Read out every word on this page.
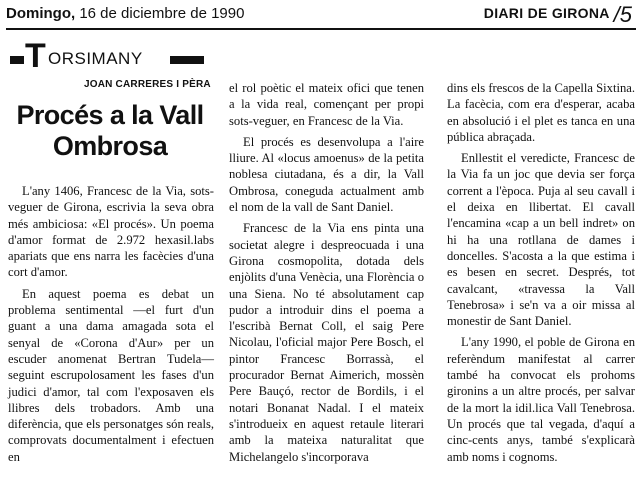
Domingo, 16 de diciembre de 1990	DIARI DE GIRONA /5
T ORSIMANY
JOAN CARRERES I PÈRA
Procés a la Vall
Ombrosa

L'any 1406, Francesc de la Via, sots-veguer de Girona, escrivia la seva obra més ambiciosa: «El procés». Un poema d'amor format de 2.972 hexasil.labs apariats que ens narra les facècies d'una cort d'amor.

En aquest poema es debat un problema sentimental —el furt d'un guant a una dama amagada sota el senyal de «Corona d'Aur» per un escuder anomenat Bertran Tudela— seguint escrupolosament les fases d'un judici d'amor, tal com l'exposaven els llibres dels trobadors. Amb una diferència, que els personatges són reals, comprovats documentalment i efectuen en

el rol poètic el mateix ofici que tenen a la vida real, començant per propi sots-veguer, en Francesc de la Via.

El procés es desenvolupa a l'aire lliure. Al «locus amoenus» de la petita noblesa ciutadana, és a dir, la Vall Ombrosa, coneguda actualment amb el nom de la vall de Sant Daniel.

Francesc de la Via ens pinta una societat alegre i despreocuada i una Girona cosmopolita, dotada dels enjòlits d'una Venècia, una Florència o una Siena. No té absolutament cap pudor a introduir dins el poema a l'escribà Bernat Coll, el saig Pere Nicolau, l'oficial major Pere Bosch, el pintor Francesc Borrassà, el procurador Bernat Aimerich, mossèn Pere Bauçó, rector de Bordils, i el notari Bonanat Nadal. I el mateix s'introdueix en aquest retaule literari amb la mateixa naturalitat que Michelangelo s'incorporava

dins els frescos de la Capella Sixtina. La facècia, com era d'esperar, acaba en absolució i el plet es tanca en una pública abraçada.

Enllestit el veredicte, Francesc de la Via fa un joc que devia ser força corrent a l'època. Puja al seu cavall i el deixa en llibertat. El cavall l'encamina «cap a un bell indret» on hi ha una rotllana de dames i doncelles. S'acosta a la que estima i es besen en secret. Després, tot cavalcant, «travessa la Vall Tenebrosa» i se'n va a oir missa al monestir de Sant Daniel.

L'any 1990, el poble de Girona en referèndum manifestat al carrer també ha convocat els prohoms gironins a un altre procés, per salvar de la mort la idil.lica Vall Tenebrosa. Un procés que tal vegada, d'aquí a cinc-cents anys, també s'explicarà amb noms i cognoms.
